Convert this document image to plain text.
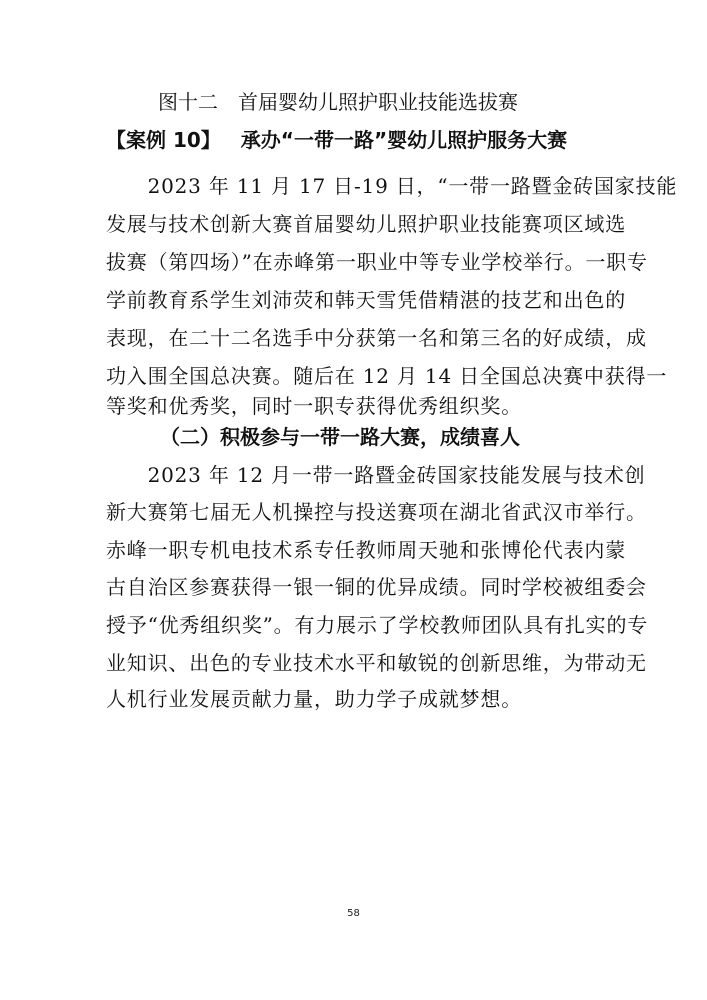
图十二　首届婴幼儿照护职业技能选拔赛
【案例 10】 承办“一带一路”婴幼儿照护服务大赛
　　2023 年 11 月 17 日-19 日，“一带一路暨金砖国家技能
发展与技术创新大赛首届婴幼儿照护职业技能赛项区域选
拔赛（第四场）”在赤峰第一职业中等专业学校举行。一职专
学前教育系学生刘沛荧和韩天雪凭借精湛的技艺和出色的
表现，在二十二名选手中分获第一名和第三名的好成绩，成
功入围全国总决赛。随后在 12 月 14 日全国总决赛中获得一
等奖和优秀奖，同时一职专获得优秀组织奖。
（二）积极参与一带一路大赛，成绩喜人
　　2023 年 12 月一带一路暨金砖国家技能发展与技术创
新大赛第七届无人机操控与投送赛项在湖北省武汉市举行。
赤峰一职专机电技术系专任教师周天驰和张博伦代表内蒙
古自治区参赛获得一银一铜的优异成绩。同时学校被组委会
授予“优秀组织奖”。有力展示了学校教师团队具有扎实的专
业知识、出色的专业技术水平和敏锐的创新思维，为带动无
人机行业发展贡献力量，助力学子成就梦想。
58
